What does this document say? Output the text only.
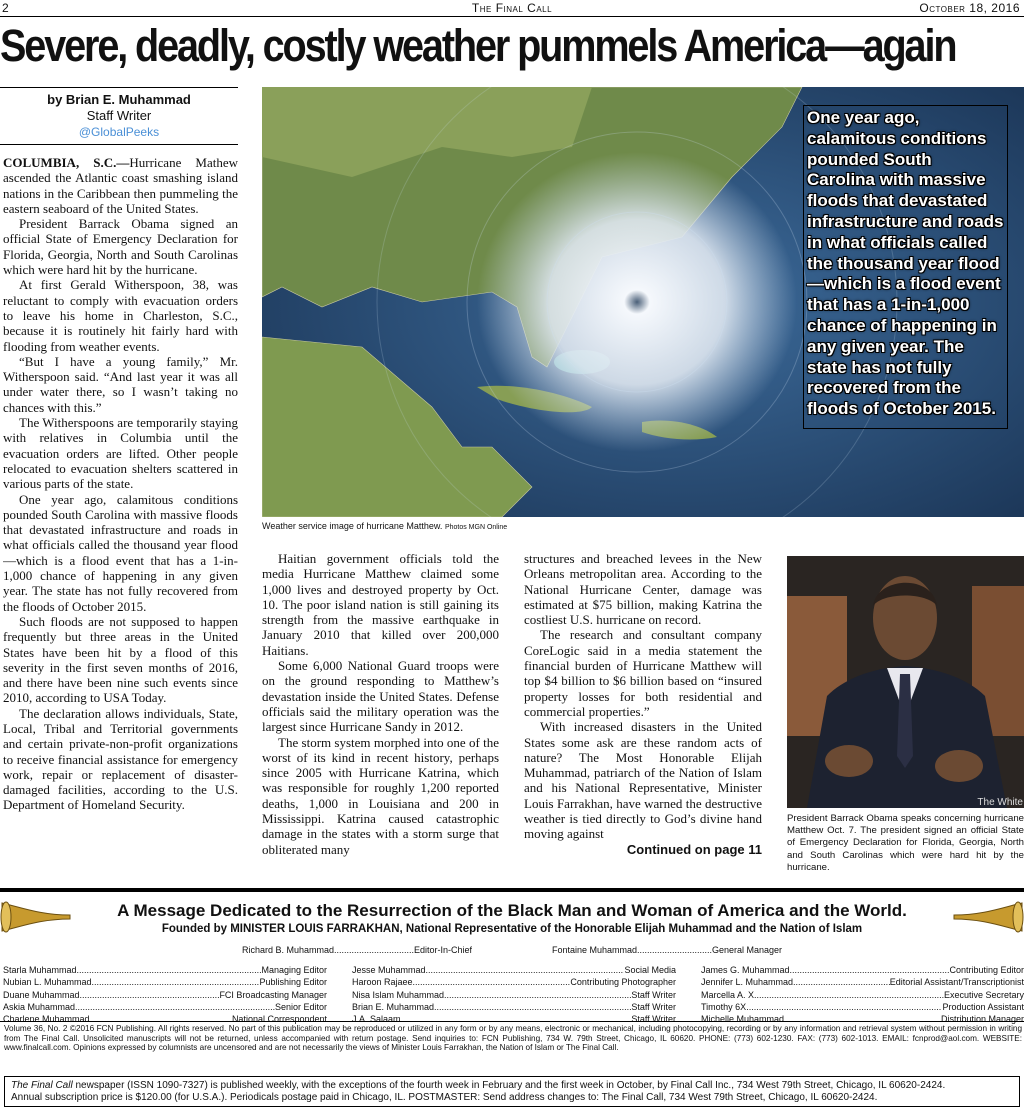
2	The Final Call	October 18, 2016
Severe, deadly, costly weather pummels America—again
by Brian E. Muhammad
Staff Writer
@GlobalPeeks

COLUMBIA, S.C.—Hurricane Mathew ascended the Atlantic coast smashing island nations in the Caribbean then pummeling the eastern seaboard of the United States.

President Barrack Obama signed an official State of Emergency Declaration for Florida, Georgia, North and South Carolinas which were hard hit by the hurricane.

At first Gerald Witherspoon, 38, was reluctant to comply with evacuation orders to leave his home in Charleston, S.C., because it is routinely hit fairly hard with flooding from weather events.

“But I have a young family,” Mr. Witherspoon said. “And last year it was all under water there, so I wasn’t taking no chances with this.”

The Witherspoons are temporarily staying with relatives in Columbia until the evacuation orders are lifted. Other people relocated to evacuation shelters scattered in various parts of the state.

One year ago, calamitous conditions pounded South Carolina with massive floods that devastated infrastructure and roads in what officials called the thousand year flood—which is a flood event that has a 1-in-1,000 chance of happening in any given year. The state has not fully recovered from the floods of October 2015.

Such floods are not supposed to happen frequently but three areas in the United States have been hit by a flood of this severity in the first seven months of 2016, and there have been nine such events since 2010, according to USA Today.

The declaration allows individuals, State, Local, Tribal and Territorial governments and certain private-non-profit organizations to receive financial assistance for emergency work, repair or replacement of disaster-damaged facilities, according to the U.S. Department of Homeland Security.

One year ago, calamitous conditions pounded South Carolina with massive floods that devastated infrastructure and roads in what officials called the thousand year flood—which is a flood event that has a 1-in-1,000 chance of happening in any given year. The state has not fully recovered from the floods of October 2015.
Weather service image of hurricane Matthew. Photos MGN Online

Haitian government officials told the media Hurricane Matthew claimed some 1,000 lives and destroyed property by Oct. 10. The poor island nation is still gaining its strength from the massive earthquake in January 2010 that killed over 200,000 Haitians.

Some 6,000 National Guard troops were on the ground responding to Matthew’s devastation inside the United States. Defense officials said the military operation was the largest since Hurricane Sandy in 2012.

The storm system morphed into one of the worst of its kind in recent history, perhaps since 2005 with Hurricane Katrina, which was responsible for roughly 1,200 reported deaths, 1,000 in Louisiana and 200 in Mississippi. Katrina caused catastrophic damage in the states with a storm surge that obliterated many

structures and breached levees in the New Orleans metropolitan area. According to the National Hurricane Center, damage was estimated at $75 billion, making Katrina the costliest U.S. hurricane on record.

The research and consultant company CoreLogic said in a media statement the financial burden of Hurricane Matthew will top $4 billion to $6 billion based on “insured property losses for both residential and commercial properties.”

With increased disasters in the United States some ask are these random acts of nature? The Most Honorable Elijah Muhammad, patriarch of the Nation of Islam and his National Representative, Minister Louis Farrakhan, have warned the destructive weather is tied directly to God’s divine hand moving against

Continued on page 11

The White
President Barrack Obama speaks concerning hurricane Matthew Oct. 7. The president signed an official State of Emergency Declaration for Florida, Georgia, North and South Carolinas which were hard hit by the hurricane.
A Message Dedicated to the Resurrection of the Black Man and Woman of America and the World.
Founded by MINISTER LOUIS FARRAKHAN, National Representative of the Honorable Elijah Muhammad and the Nation of Islam
Richard B. Muhammad .....	Editor-In-Chief	Fontaine Muhammad .....	General Manager
Starla Muhammad .....	Managing Editor
Nubian L. Muhammad .....	Publishing Editor
Duane Muhammad .....	FCI Broadcasting Manager
Askia Muhammad .....	Senior Editor
Charlene Muhammad .....	National Correspondent
Jesse Muhammad .....	Social Media
Haroon Rajaee .....	Contributing Photographer
Nisa Islam Muhammad .....	Staff Writer
Brian E. Muhammad .....	Staff Writer
J.A. Salaam .....	Staff Writer
James G. Muhammad .....	Contributing Editor
Jennifer L. Muhammad .....	Editorial Assistant/Transcriptionist
Marcella A. X .....	Executive Secretary
Timothy 6X .....	Production Assistant
Michelle Muhammad .....	Distribution Manager
Volume 36, No. 2 ©2016 FCN Publishing. All rights reserved. No part of this publication may be reproduced or utilized in any form or by any means, electronic or mechanical, including photocopying, recording or by any information and retrieval system without permission in writing from The Final Call. Unsolicited manuscripts will not be returned, unless accompanied with return postage. Send inquiries to: FCN Publishing, 734 W. 79th Street, Chicago, IL 60620. PHONE: (773) 602-1230. FAX: (773) 602-1013. EMAIL: fcnprod@aol.com. WEBSITE: www.finalcall.com. Opinions expressed by columnists are uncensored and are not necessarily the views of Minister Louis Farrakhan, the Nation of Islam or The Final Call.
The Final Call newspaper (ISSN 1090-7327) is published weekly, with the exceptions of the fourth week in February and the first week in October, by Final Call Inc., 734 West 79th Street, Chicago, IL 60620-2424.
Annual subscription price is $120.00 (for U.S.A.). Periodicals postage paid in Chicago, IL. POSTMASTER: Send address changes to: The Final Call, 734 West 79th Street, Chicago, IL 60620-2424.
